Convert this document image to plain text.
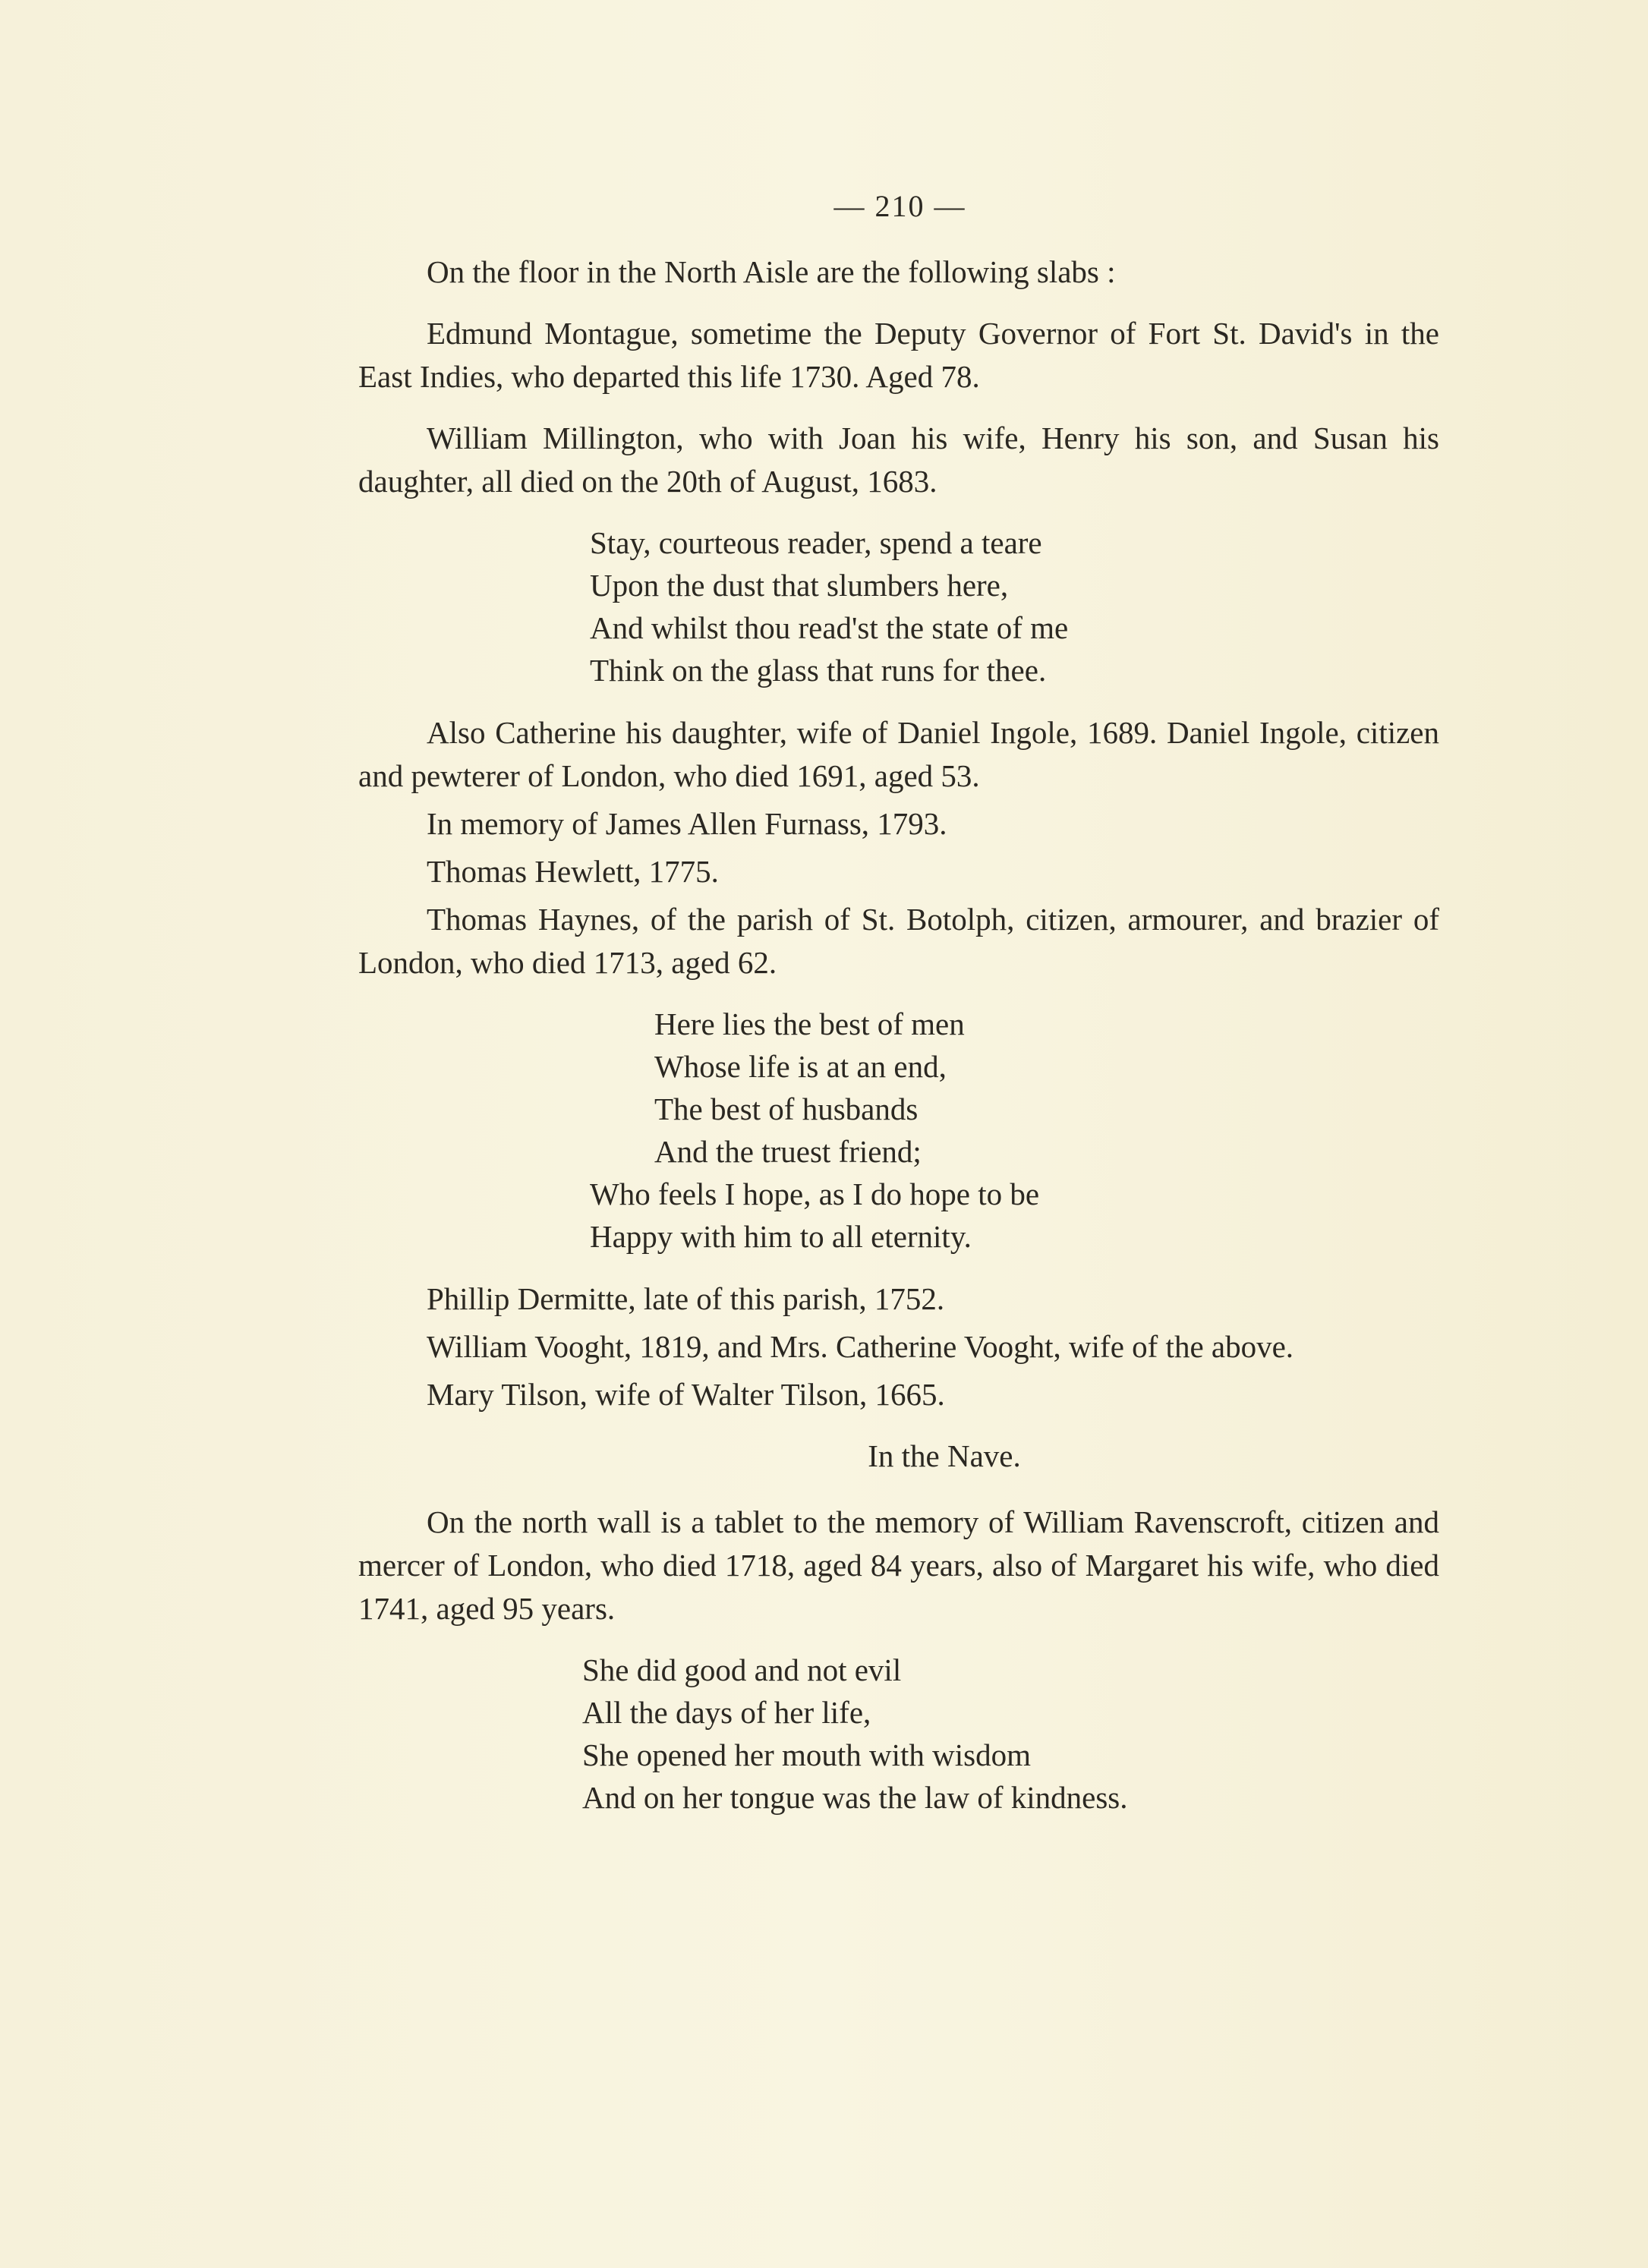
— 210 —

On the floor in the North Aisle are the following slabs :

Edmund Montague, sometime the Deputy Governor of Fort St. David's in the East Indies, who departed this life 1730. Aged 78.

William Millington, who with Joan his wife, Henry his son, and Susan his daughter, all died on the 20th of August, 1683.

Stay, courteous reader, spend a teare
Upon the dust that slumbers here,
And whilst thou read'st the state of me
Think on the glass that runs for thee.

Also Catherine his daughter, wife of Daniel Ingole, 1689. Daniel Ingole, citizen and pewterer of London, who died 1691, aged 53.

In memory of James Allen Furnass, 1793.

Thomas Hewlett, 1775.

Thomas Haynes, of the parish of St. Botolph, citizen, armourer, and brazier of London, who died 1713, aged 62.

Here lies the best of men
Whose life is at an end,
The best of husbands
And the truest friend;
Who feels I hope, as I do hope to be
Happy with him to all eternity.

Phillip Dermitte, late of this parish, 1752.

William Vooght, 1819, and Mrs. Catherine Vooght, wife of the above.

Mary Tilson, wife of Walter Tilson, 1665.

In the Nave.

On the north wall is a tablet to the memory of William Ravenscroft, citizen and mercer of London, who died 1718, aged 84 years, also of Margaret his wife, who died 1741, aged 95 years.

She did good and not evil
All the days of her life,
She opened her mouth with wisdom
And on her tongue was the law of kindness.
